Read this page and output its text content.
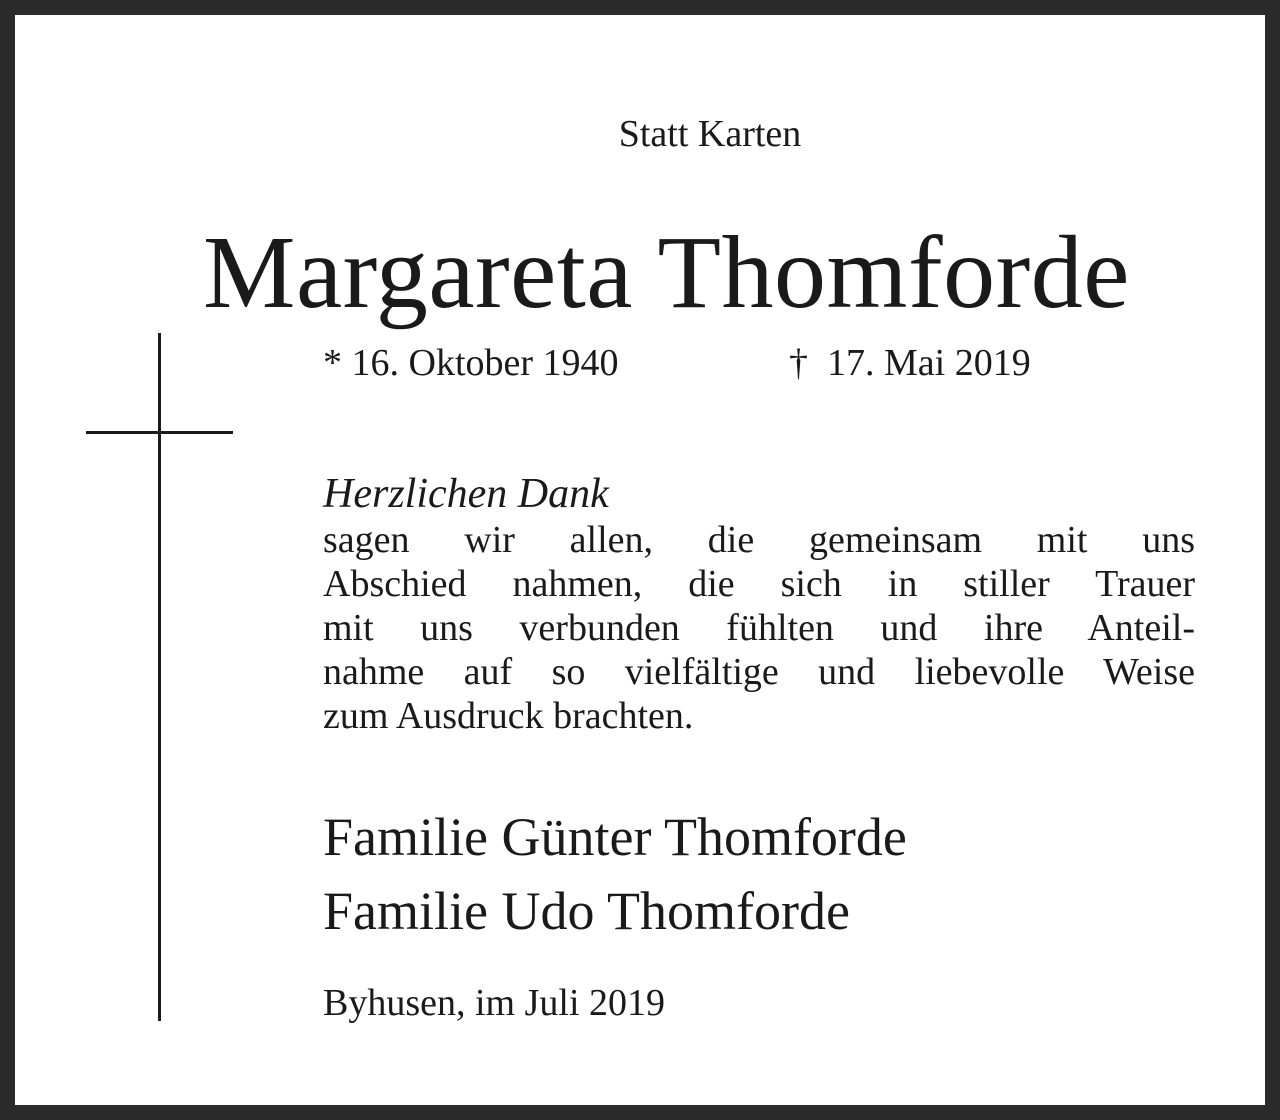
Statt Karten
Margareta Thomforde
* 16. Oktober 1940	† 17. Mai 2019
Herzlichen Dank
sagen wir allen, die gemeinsam mit uns
Abschied nahmen, die sich in stiller Trauer
mit uns verbunden fühlten und ihre Anteil-
nahme auf so vielfältige und liebevolle Weise
zum Ausdruck brachten.
Familie Günter Thomforde
Familie Udo Thomforde
Byhusen, im Juli 2019
